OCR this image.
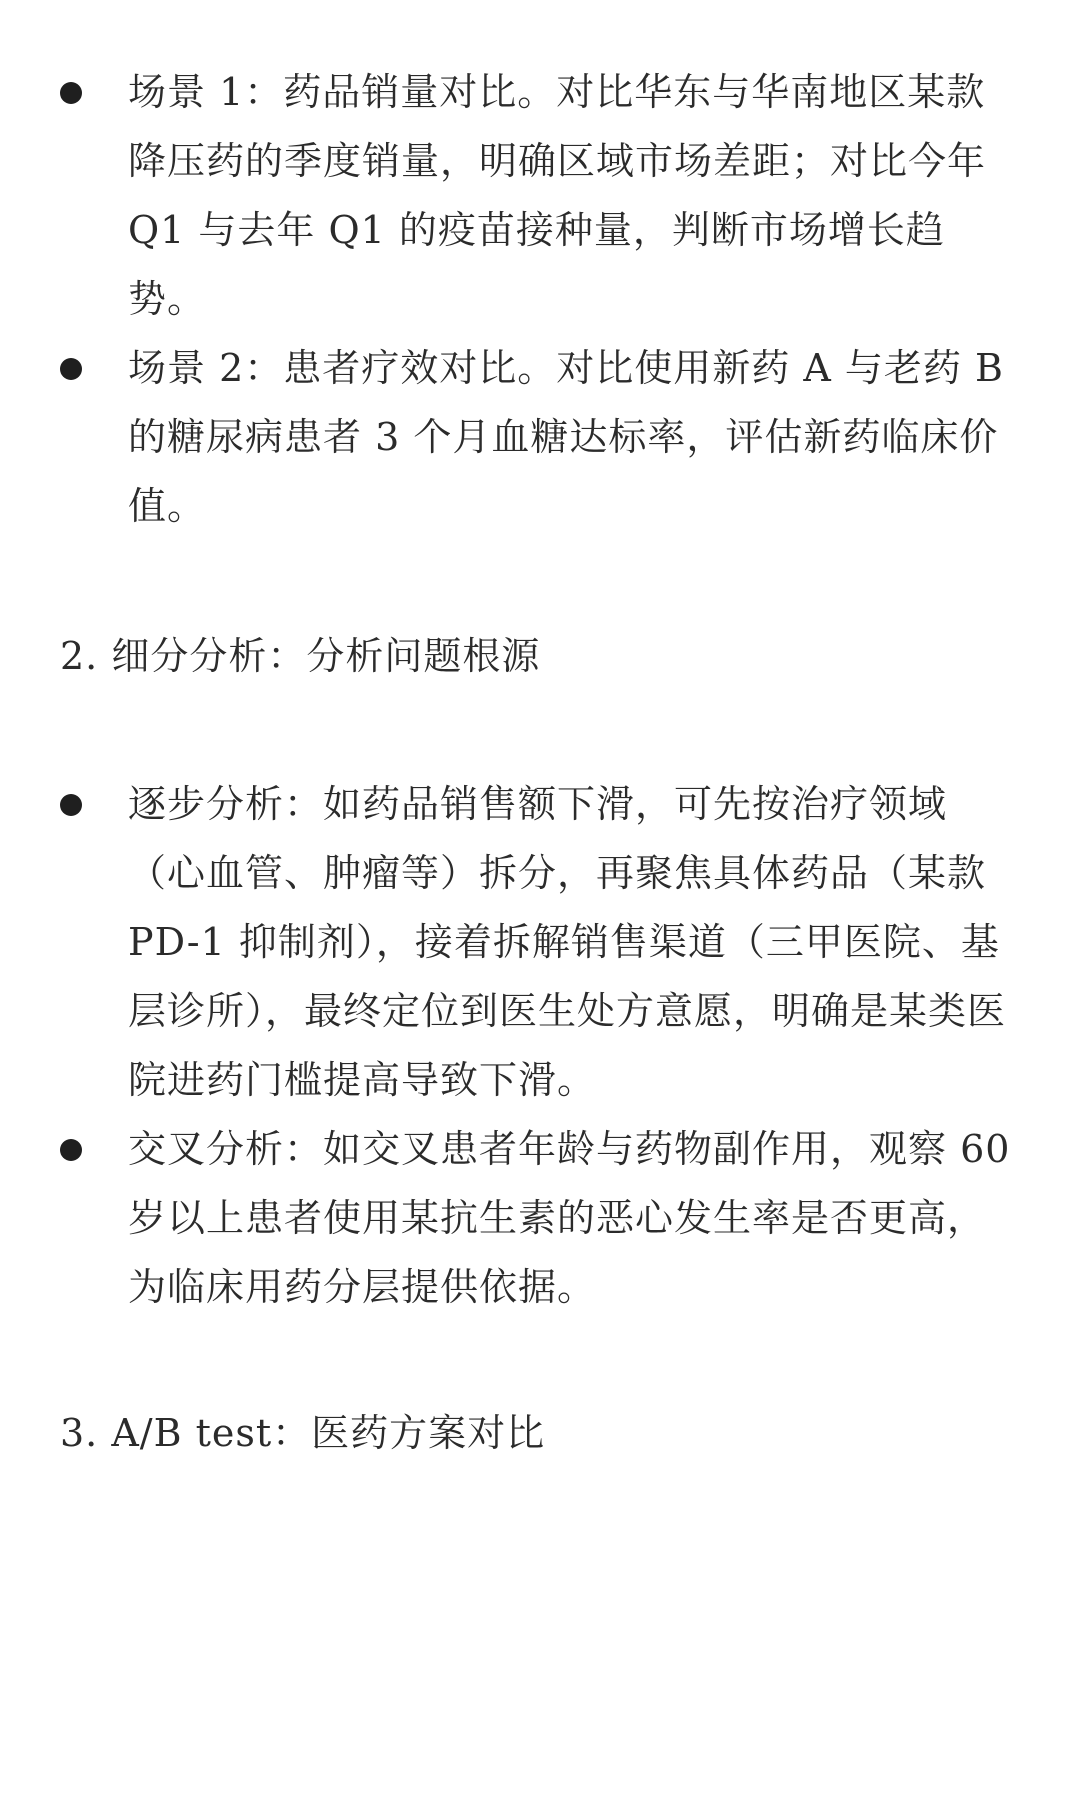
场景 1：药品销量对比。对比华东与华南地区某款降压药的季度销量，明确区域市场差距；对比今年 Q1 与去年 Q1 的疫苗接种量，判断市场增长趋势。
场景 2：患者疗效对比。对比使用新药 A 与老药 B 的糖尿病患者 3 个月血糖达标率，评估新药临床价值。
2. 细分分析：分析问题根源
逐步分析：如药品销售额下滑，可先按治疗领域（心血管、肿瘤等）拆分，再聚焦具体药品（某款 PD-1 抑制剂），接着拆解销售渠道（三甲医院、基层诊所），最终定位到医生处方意愿，明确是某类医院进药门槛提高导致下滑。
交叉分析：如交叉患者年龄与药物副作用，观察 60 岁以上患者使用某抗生素的恶心发生率是否更高，为临床用药分层提供依据。
3. A/B test：医药方案对比
